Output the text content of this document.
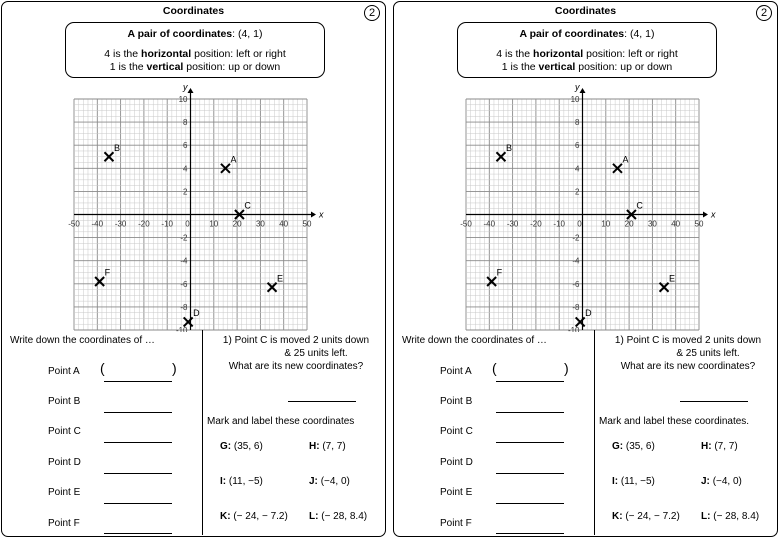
Coordinates	2
A pair of coordinates: (4, 1)
4 is the horizontal position: left or right
1 is the vertical position: up or down
x
y
-50 -40 -30 -20 -10 0 10 20 30 40 50
10
8
6
4
2
-2
-4
-6
-8
-10
A
B
C
D
E
F
Write down the coordinates of …
Point A (	)
Point B
Point C
Point D
Point E
Point F
1) Point C is moved 2 units down
& 25 units left.
What are its new coordinates?
Mark and label these coordinates
G: (35, 6)	H: (7, 7)
I: (11, −5)	J: (−4, 0)
K: (− 24, − 7.2) L: (− 28, 8.4)
Coordinates	2
A pair of coordinates: (4, 1)
4 is the horizontal position: left or right
1 is the vertical position: up or down
x
y
-50 -40 -30 -20 -10 0 10 20 30 40 50
10
8
6
4
2
-2
-4
-6
-8
-10
A
B
C
D
E
F
Write down the coordinates of …
Point A (	)
Point B
Point C
Point D
Point E
Point F
1) Point C is moved 2 units down
& 25 units left.
What are its new coordinates?
Mark and label these coordinates.
G: (35, 6)	H: (7, 7)
I: (11, −5)	J: (−4, 0)
K: (− 24, − 7.2) L: (− 28, 8.4)
